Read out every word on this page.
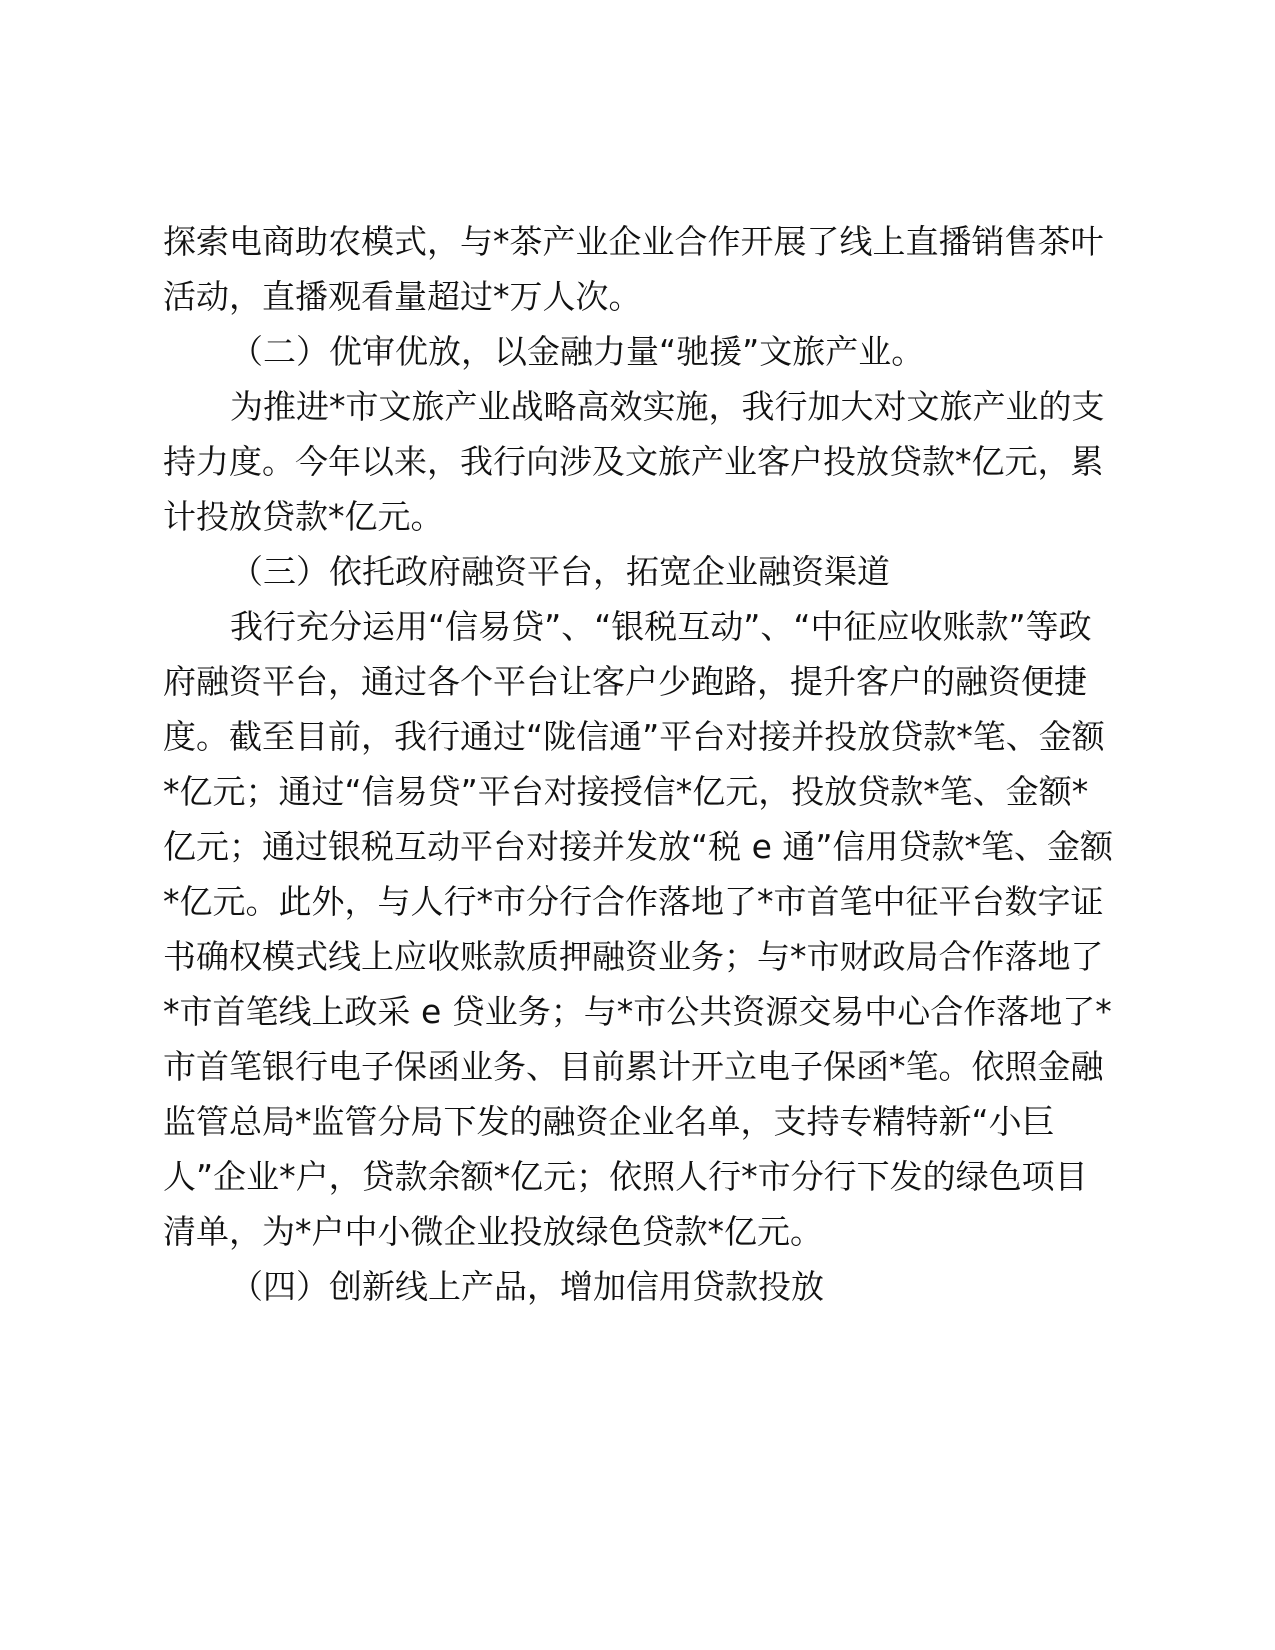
探索电商助农模式，与*茶产业企业合作开展了线上直播销售茶叶
活动，直播观看量超过*万人次。
（二）优审优放，以金融力量“驰援”文旅产业。
为推进*市文旅产业战略高效实施，我行加大对文旅产业的支
持力度。今年以来，我行向涉及文旅产业客户投放贷款*亿元，累
计投放贷款*亿元。
（三）依托政府融资平台，拓宽企业融资渠道
我行充分运用“信易贷”、“银税互动”、“中征应收账款”等政
府融资平台，通过各个平台让客户少跑路，提升客户的融资便捷
度。截至目前，我行通过“陇信通”平台对接并投放贷款*笔、金额
*亿元；通过“信易贷”平台对接授信*亿元，投放贷款*笔、金额*
亿元；通过银税互动平台对接并发放“税 e 通”信用贷款*笔、金额
*亿元。此外，与人行*市分行合作落地了*市首笔中征平台数字证
书确权模式线上应收账款质押融资业务；与*市财政局合作落地了
*市首笔线上政采 e 贷业务；与*市公共资源交易中心合作落地了*
市首笔银行电子保函业务、目前累计开立电子保函*笔。依照金融
监管总局*监管分局下发的融资企业名单，支持专精特新“小巨
人”企业*户，贷款余额*亿元；依照人行*市分行下发的绿色项目
清单，为*户中小微企业投放绿色贷款*亿元。
（四）创新线上产品，增加信用贷款投放
